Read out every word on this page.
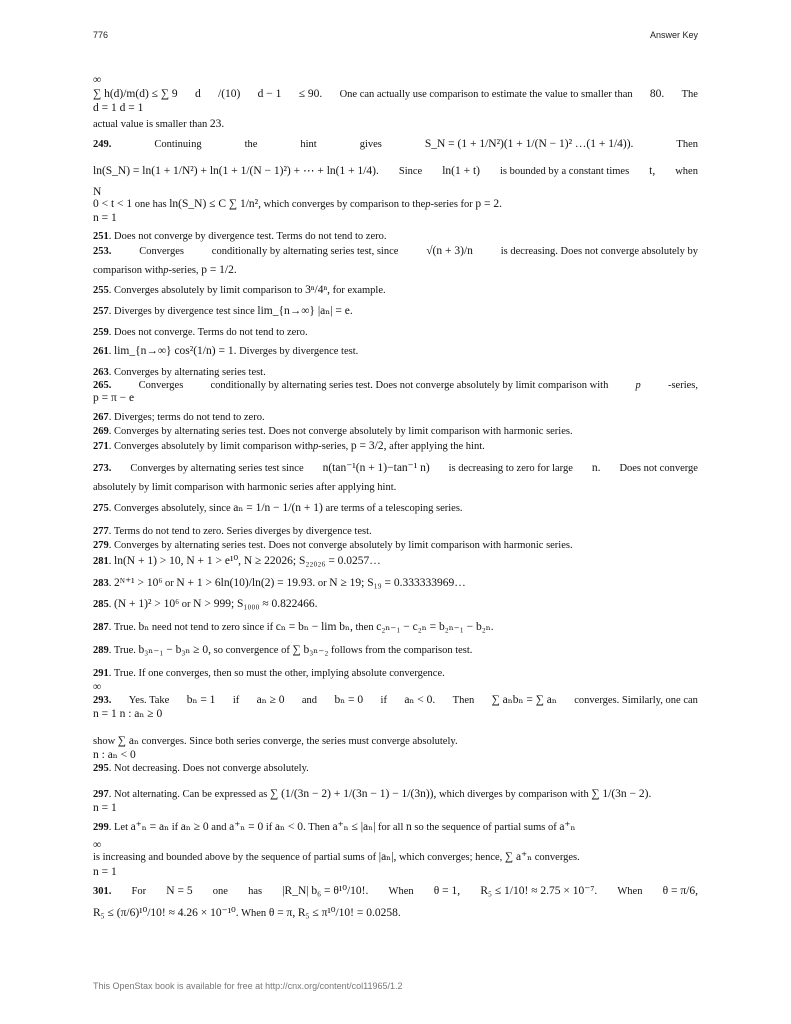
776	Answer Key
∞
∑ h(d)/m(d) ≤ ∑ 9 d /(10) d − 1 ≤ 90. One can actually use comparison to estimate the value to smaller than 80. The
d = 1 d = 1
actual value is smaller than 23.
249.	Continuing	the	hint	gives	S_N = (1 + 1/N²)(1 + 1/(N − 1)² …(1 + 1/4)).	Then
ln(S_N) = ln(1 + 1/N²) + ln(1 + 1/(N − 1)²) + ⋯ + ln(1 + 1/4). Since ln(1 + t) is bounded by a constant times t, when
N
0 < t < 1 one has ln(S_N) ≤ C ∑ 1/n², which converges by comparison to thep-series for p = 2.
n = 1
251. Does not converge by divergence test. Terms do not tend to zero.
253.	Converges	conditionally by alternating series test, since √(n + 3)/n	is decreasing. Does not converge absolutely by
comparison withp-series, p = 1/2.
255. Converges absolutely by limit comparison to 3ⁿ/4ⁿ, for example.
257. Diverges by divergence test since lim_{n→∞} |aₙ| = e.
259. Does not converge. Terms do not tend to zero.
261. lim_{n→∞} cos²(1/n) = 1. Diverges by divergence test.
263. Converges by alternating series test.
265.	Converges	conditionally by alternating series test. Does not converge absolutely by limit comparison with	p	-series,
p = π − e
267. Diverges; terms do not tend to zero.
269. Converges by alternating series test. Does not converge absolutely by limit comparison with harmonic series.
271. Converges absolutely by limit comparison withp-series, p = 3/2, after applying the hint.
273. Converges by alternating series test since n(tan⁻¹(n + 1)−tan⁻¹ n) is decreasing to zero for large n. Does not converge
absolutely by limit comparison with harmonic series after applying hint.
275. Converges absolutely, since aₙ = 1/n − 1/(n + 1) are terms of a telescoping series.
277. Terms do not tend to zero. Series diverges by divergence test.
279. Converges by alternating series test. Does not converge absolutely by limit comparison with harmonic series.
281. ln(N + 1) > 10, N + 1 > e¹⁰, N ≥ 22026; S₂₂₀₂₆ = 0.0257…
283. 2ᴺ⁺¹ > 10⁶ or N + 1 > 6ln(10)/ln(2) = 19.93. or N ≥ 19; S₁₉ = 0.333333969…
285. (N + 1)² > 10⁶ or N > 999; S₁₀₀₀ ≈ 0.822466.
287. True. bₙ need not tend to zero since if cₙ = bₙ − lim bₙ, then c₂ₙ₋₁ − c₂ₙ = b₂ₙ₋₁ − b₂ₙ.
289. True. b₃ₙ₋₁ − b₃ₙ ≥ 0, so convergence of ∑ b₃ₙ₋₂ follows from the comparison test.
291. True. If one converges, then so must the other, implying absolute convergence.
∞
293. Yes. Take bₙ = 1 if aₙ ≥ 0 and bₙ = 0 if aₙ < 0. Then ∑ aₙbₙ = ∑ aₙ converges. Similarly, one can
n = 1 n : aₙ ≥ 0
show ∑ aₙ converges. Since both series converge, the series must converge absolutely.
n : aₙ < 0
295. Not decreasing. Does not converge absolutely.
297. Not alternating. Can be expressed as ∑ (1/(3n − 2) + 1/(3n − 1) − 1/(3n)), which diverges by comparison with ∑ 1/(3n − 2).
n = 1
299. Let a⁺ₙ = aₙ if aₙ ≥ 0 and a⁺ₙ = 0 if aₙ < 0. Then a⁺ₙ ≤ |aₙ| for all n so the sequence of partial sums of a⁺ₙ
∞
is increasing and bounded above by the sequence of partial sums of |aₙ|, which converges; hence, ∑ a⁺ₙ converges.
n = 1
301. For N = 5 one has |R_N| b₆ = θ¹⁰/10!. When θ = 1, R₅ ≤ 1/10! ≈ 2.75 × 10⁻⁷. When θ = π/6,
R₅ ≤ (π/6)¹⁰/10! ≈ 4.26 × 10⁻¹⁰. When θ = π, R₅ ≤ π¹⁰/10! = 0.0258.
This OpenStax book is available for free at http://cnx.org/content/col11965/1.2
